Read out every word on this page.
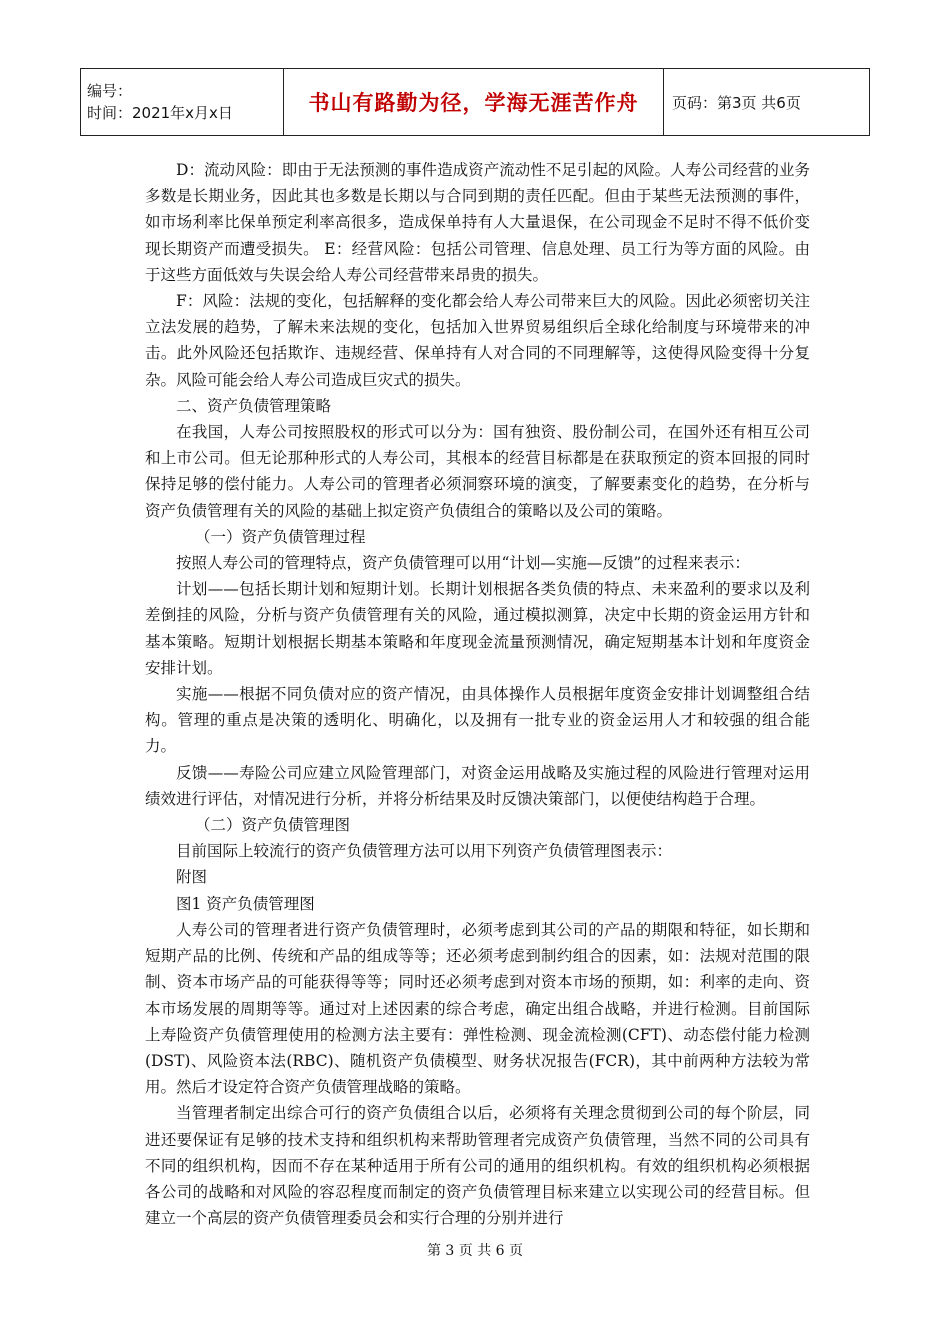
编号：
时间：2021年x月x日	书山有路勤为径，学海无涯苦作舟 页码：第3页 共6页

D：流动风险：即由于无法预测的事件造成资产流动性不足引起的风险。人寿公司经营的业务多数是长期业务，因此其也多数是长期以与合同到期的责任匹配。但由于某些无法预测的事件，如市场利率比保单预定利率高很多，造成保单持有人大量退保，在公司现金不足时不得不低价变现长期资产而遭受损失。 E：经营风险：包括公司管理、信息处理、员工行为等方面的风险。由于这些方面低效与失误会给人寿公司经营带来昂贵的损失。

F：风险：法规的变化，包括解释的变化都会给人寿公司带来巨大的风险。因此必须密切关注立法发展的趋势，了解未来法规的变化，包括加入世界贸易组织后全球化给制度与环境带来的冲击。此外风险还包括欺诈、违规经营、保单持有人对合同的不同理解等，这使得风险变得十分复杂。风险可能会给人寿公司造成巨灾式的损失。

二、资产负债管理策略

在我国，人寿公司按照股权的形式可以分为：国有独资、股份制公司，在国外还有相互公司和上市公司。但无论那种形式的人寿公司，其根本的经营目标都是在获取预定的资本回报的同时保持足够的偿付能力。人寿公司的管理者必须洞察环境的演变，了解要素变化的趋势，在分析与资产负债管理有关的风险的基础上拟定资产负债组合的策略以及公司的策略。

（一）资产负债管理过程

按照人寿公司的管理特点，资产负债管理可以用“计划—实施—反馈”的过程来表示：

计划——包括长期计划和短期计划。长期计划根据各类负债的特点、未来盈利的要求以及利差倒挂的风险，分析与资产负债管理有关的风险，通过模拟测算，决定中长期的资金运用方针和基本策略。短期计划根据长期基本策略和年度现金流量预测情况，确定短期基本计划和年度资金安排计划。

实施——根据不同负债对应的资产情况，由具体操作人员根据年度资金安排计划调整组合结构。管理的重点是决策的透明化、明确化，以及拥有一批专业的资金运用人才和较强的组合能力。

反馈——寿险公司应建立风险管理部门，对资金运用战略及实施过程的风险进行管理对运用绩效进行评估，对情况进行分析，并将分析结果及时反馈决策部门，以便使结构趋于合理。

（二）资产负债管理图

目前国际上较流行的资产负债管理方法可以用下列资产负债管理图表示：

附图

图1 资产负债管理图

人寿公司的管理者进行资产负债管理时，必须考虑到其公司的产品的期限和特征，如长期和短期产品的比例、传统和产品的组成等等；还必须考虑到制约组合的因素，如：法规对范围的限制、资本市场产品的可能获得等等；同时还必须考虑到对资本市场的预期，如：利率的走向、资本市场发展的周期等等。通过对上述因素的综合考虑，确定出组合战略，并进行检测。目前国际上寿险资产负债管理使用的检测方法主要有：弹性检测、现金流检测(CFT)、动态偿付能力检测(DST)、风险资本法(RBC)、随机资产负债模型、财务状况报告(FCR)，其中前两种方法较为常用。然后才设定符合资产负债管理战略的策略。

当管理者制定出综合可行的资产负债组合以后，必须将有关理念贯彻到公司的每个阶层，同进还要保证有足够的技术支持和组织机构来帮助管理者完成资产负债管理，当然不同的公司具有不同的组织机构，因而不存在某种适用于所有公司的通用的组织机构。有效的组织机构必须根据各公司的战略和对风险的容忍程度而制定的资产负债管理目标来建立以实现公司的经营目标。但建立一个高层的资产负债管理委员会和实行合理的分别并进行

第 3 页 共 6 页
